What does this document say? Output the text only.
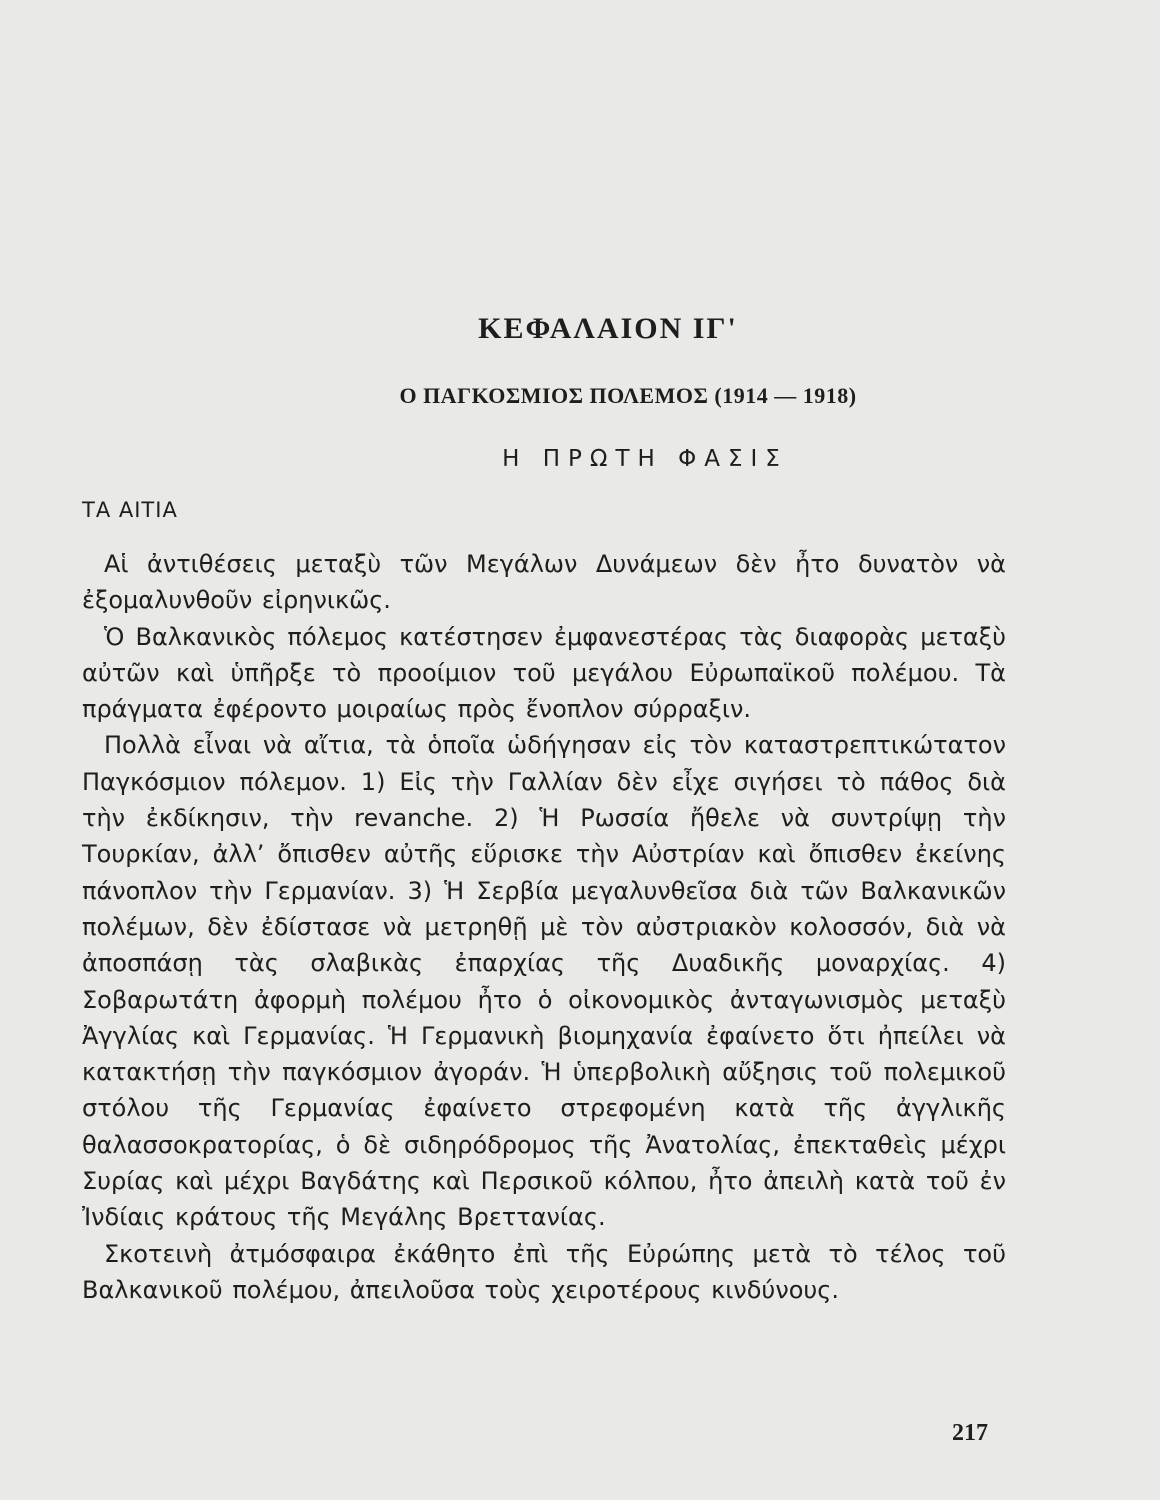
ΚΕΦΑΛΑΙΟΝ ΙΓ'
Ο ΠΑΓΚΟΣΜΙΟΣ ΠΟΛΕΜΟΣ (1914 — 1918)
Η ΠΡΩΤΗ ΦΑΣΙΣ
ΤΑ ΑΙΤΙΑ

Αἱ ἀντιθέσεις μεταξὺ τῶν Μεγάλων Δυνάμεων δὲν ἦτο δυνατὸν νὰ ἐξομαλυνθοῦν εἰρηνικῶς.

Ὁ Βαλκανικὸς πόλεμος κατέστησεν ἐμφανεστέρας τὰς διαφορὰς μεταξὺ αὐτῶν καὶ ὑπῆρξε τὸ προοίμιον τοῦ μεγάλου Εὐρωπαϊκοῦ πολέμου. Τὰ πράγματα ἐφέροντο μοιραίως πρὸς ἔνοπλον σύρραξιν.

Πολλὰ εἶναι νὰ αἴτια, τὰ ὁποῖα ὡδήγησαν εἰς τὸν καταστρεπτικώτατον Παγκόσμιον πόλεμον. 1) Εἰς τὴν Γαλλίαν δὲν εἶχε σιγήσει τὸ πάθος διὰ τὴν ἐκδίκησιν, τὴν revanche. 2) Ἡ Ρωσσία ἤθελε νὰ συντρίψῃ τὴν Τουρκίαν, ἀλλ’ ὄπισθεν αὐτῆς εὕρισκε τὴν Αὐστρίαν καὶ ὄπισθεν ἐκείνης πάνοπλον τὴν Γερμανίαν. 3) Ἡ Σερβία μεγαλυνθεῖσα διὰ τῶν Βαλκανικῶν πολέμων, δὲν ἐδίστασε νὰ μετρηθῇ μὲ τὸν αὐστριακὸν κολοσσόν, διὰ νὰ ἀποσπάσῃ τὰς σλαβικὰς ἐπαρχίας τῆς Δυαδικῆς μοναρχίας. 4) Σοβαρωτάτη ἀφορμὴ πολέμου ἦτο ὁ οἰκονομικὸς ἀνταγωνισμὸς μεταξὺ Ἀγγλίας καὶ Γερμανίας. Ἡ Γερμανικὴ βιομηχανία ἐφαίνετο ὅτι ἠπείλει νὰ κατακτήσῃ τὴν παγκόσμιον ἀγοράν. Ἡ ὑπερβολικὴ αὔξησις τοῦ πολεμικοῦ στόλου τῆς Γερμανίας ἐφαίνετο στρεφομένη κατὰ τῆς ἀγγλικῆς θαλασσοκρατορίας, ὁ δὲ σιδηρόδρομος τῆς Ἀνατολίας, ἐπεκταθεὶς μέχρι Συρίας καὶ μέχρι Βαγδάτης καὶ Περσικοῦ κόλπου, ἦτο ἀπειλὴ κατὰ τοῦ ἐν Ἰνδίαις κράτους τῆς Μεγάλης Βρεττανίας.

Σκοτεινὴ ἀτμόσφαιρα ἐκάθητο ἐπὶ τῆς Εὐρώπης μετὰ τὸ τέλος τοῦ Βαλκανικοῦ πολέμου, ἀπειλοῦσα τοὺς χειροτέρους κινδύνους.

217
